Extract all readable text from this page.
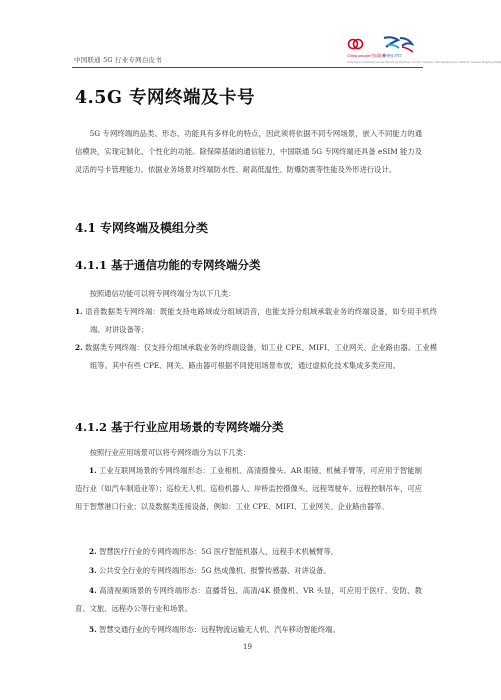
中国联通 5G 行业专网白皮书	China unicom中国联通
Beijing 2022
Official Communications Services Partner of the Olympic and Paralympic Winter Games Beijing 2022
4.5G 专网终端及卡号
5G 专网终端的品类、形态、功能具有多样化的特点，因此须将依据不同专网场景，嵌入不同能力的通信模块，实现定制化、个性化的功能。除保障基础的通信能力，中国联通 5G 专网终端还具备 eSIM 能力及灵活的号卡管理能力。依据业务场景对终端防水性、耐高低温性、防爆防震等性能及外形进行设计。
4.1 专网终端及模组分类
4.1.1 基于通信功能的专网终端分类
按照通信功能可以将专网终端分为以下几类：
1. 语音数据类专网终端：既能支持电路域或分组域语音，也能支持分组域承载业务的终端设备，如专用手机终端、对讲设备等；
2. 数据类专网终端：仅支持分组域承载业务的终端设备，如工业 CPE、MIFI、工业网关、企业路由器、工业模组等。其中有些 CPE、网关、路由器可根据不同使用场景布放，通过虚拟化技术集成多类应用。
4.1.2 基于行业应用场景的专网终端分类
按照行业应用场景可以将专网终端分为以下几类：
1. 工业互联网场景的专网终端形态：工业相机、高清摄像头、AR 眼镜、机械手臂等，可应用于智能制造行业（如汽车制造业等）；巡检无人机、巡检机器人、岸桥监控摄像头、远程驾驶车、远程控制吊车，可应用于智慧港口行业；以及数据类连接设备，例如：工业 CPE、MIFI、工业网关、企业路由器等。
2. 智慧医疗行业的专网终端形态：5G 医疗智能机器人、远程手术机械臂等。
3. 公共安全行业的专网终端形态：5G 热成像机、报警传感器、对讲设备。
4. 高清视频场景的专网终端形态：直播背包、高清/4K 摄像机、VR 头显，可应用于医疗、安防、教育、文旅、远程办公等行业和场景。
5. 智慧交通行业的专网终端形态：远程物流运输无人机、汽车移动智能终端。
19
